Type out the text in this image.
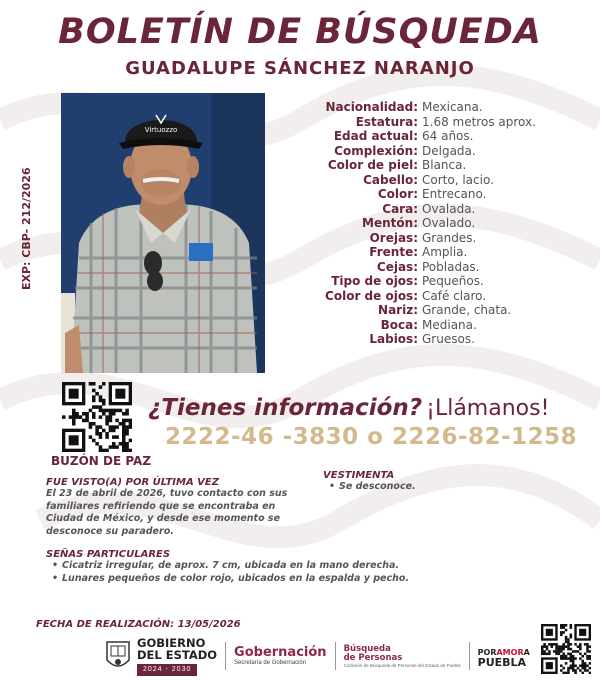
BOLETÍN DE BÚSQUEDA
GUADALUPE SÁNCHEZ NARANJO
EXP: CBP- 212/2026
Virtuozzo
Nacionalidad: Mexicana.
Estatura: 1.68 metros aprox.
Edad actual: 64 años.
Complexión: Delgada.
Color de piel: Blanca.
Cabello: Corto, lacio.
Color: Entrecano.
Cara: Ovalada.
Mentón: Ovalado.
Orejas: Grandes.
Frente: Amplia.
Cejas: Pobladas.
Tipo de ojos: Pequeños.
Color de ojos: Café claro.
Nariz: Grande, chata.
Boca: Mediana.
Labios: Gruesos.
BUZÓN DE PAZ
¿Tienes información? ¡Llámanos!
2222-46 -3830 o 2226-82-1258
FUE VISTO(A) POR ÚLTIMA VEZ
El 23 de abril de 2026, tuvo contacto con sus familiares refiriendo que se encontraba en Ciudad de México, y desde ese momento se desconoce su paradero.
VESTIMENTA
• Se desconoce.
SEÑAS PARTICULARES
• Cicatriz irregular, de aprox. 7 cm, ubicada en la mano derecha.
• Lunares pequeños de color rojo, ubicados en la espalda y pecho.
FECHA DE REALIZACIÓN: 13/05/2026
GOBIERNO
DEL ESTADO
2024 - 2030
Gobernación
Secretaría de Gobernación
Búsqueda
de Personas
Comisión de Búsqueda de Personas del Estado de Puebla
PORAMORA
PUEBLA
